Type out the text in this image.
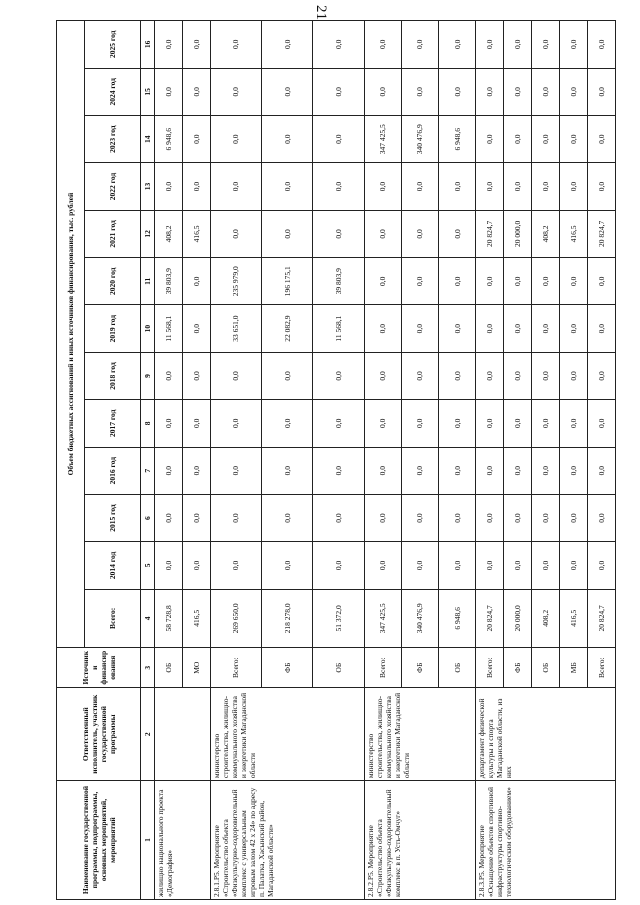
21
Наименование государственной программы, подпрограммы, основных мероприятий, мероприятий	Ответственный исполнитель, участник государственной программы	Источники финансирования	Объем бюджетных ассигнований и иных источников финансирования, тыс. рублей												
			Всего:	2014 год	2015 год	2016 год	2017 год	2018 год	2019 год	2020 год	2021 год	2022 год	2023 год	2024 год	2025 год
1	2	3	4	5	6	7	8	9	10	11	12	13	14	15	16
жилищно национального проекта «Демография»		ОБ	58 728,8	0,0	0,0	0,0	0,0	0,0	11 568,1	39 803,9	408,2	0,0	6 948,6	0,0	0,0
		МО	416,5	0,0	0,0	0,0	0,0	0,0	0,0	0,0	416,5	0,0	0,0	0,0	0,0
2.8.1.Р5. Мероприятие «Строительство объекта «Физкультурно-оздоровительный комплекс с универсальным игровым залом 42 х 24» по адресу п. Палатка, Хасынский район, Магаданской области»	министерство строительства, жилищно-коммунального хозяйства и энергетики Магаданской области	Всего:	269 650,0	0,0	0,0	0,0	0,0	0,0	33 651,0	235 979,0	0,0	0,0	0,0	0,0	0,0
		ФБ	218 278,0	0,0	0,0	0,0	0,0	0,0	22 082,9	196 175,1	0,0	0,0	0,0	0,0	0,0
		ОБ	51 372,0	0,0	0,0	0,0	0,0	0,0	11 568,1	39 803,9	0,0	0,0	0,0	0,0	0,0
2.8.2.Р5. Мероприятие «Строительство объекта «Физкультурно-оздоровительный комплекс в п. Усть-Омчуг»	министерство строительства, жилищно-коммунального хозяйства и энергетики Магаданской области	Всего:	347 425,5	0,0	0,0	0,0	0,0	0,0	0,0	0,0	0,0	0,0	347 425,5	0,0	0,0
		ФБ	340 476,9	0,0	0,0	0,0	0,0	0,0	0,0	0,0	0,0	0,0	340 476,9	0,0	0,0
		ОБ	6 948,6	0,0	0,0	0,0	0,0	0,0	0,0	0,0	0,0	0,0	6 948,6	0,0	0,0
2.8.3.Р5. Мероприятие «Оснащение объектов спортивной инфраструктуры спортивно-технологическим оборудованием»	департамент физической культуры и спорта Магаданской области, из них	Всего:	20 824,7	0,0	0,0	0,0	0,0	0,0	0,0	0,0	20 824,7	0,0	0,0	0,0	0,0
		ФБ	20 000,0	0,0	0,0	0,0	0,0	0,0	0,0	0,0	20 000,0	0,0	0,0	0,0	0,0
		ОБ	408,2	0,0	0,0	0,0	0,0	0,0	0,0	0,0	408,2	0,0	0,0	0,0	0,0
		МБ	416,5	0,0	0,0	0,0	0,0	0,0	0,0	0,0	416,5	0,0	0,0	0,0	0,0
		Всего:	20 824,7	0,0	0,0	0,0	0,0	0,0	0,0	0,0	20 824,7	0,0	0,0	0,0	0,0
